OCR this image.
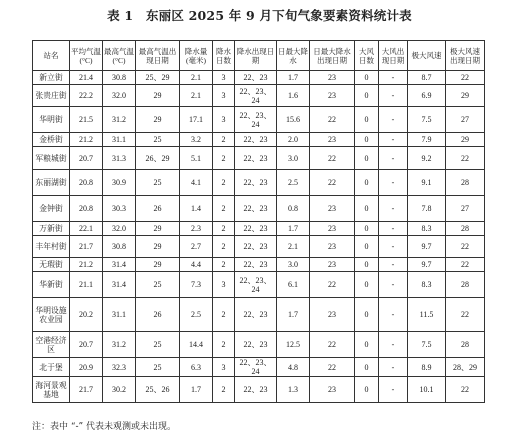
表 1　东丽区 2025 年 9 月下旬气象要素资料统计表
站名	平均气温(°C)	最高气温(°C)	最高气温出现日期	降水量(毫米)	降水日数	降水出现日期	日最大降水	日最大降水出现日期	大风日数	大风出现日期	极大风速	极大风速出现日期
新立街	21.4	30.8	25、29	2.1	3	22、23	1.7	23	0	-	8.7	22
张贵庄街	22.2	32.0	29	2.1	3	22、23、24	1.6	23	0	-	6.9	29
华明街	21.5	31.2	29	17.1	3	22、23、24	15.6	22	0	-	7.5	27
金桥街	21.2	31.1	25	3.2	2	22、23	2.0	23	0	-	7.9	29
军粮城街	20.7	31.3	26、29	5.1	2	22、23	3.0	22	0	-	9.2	22
东丽湖街	20.8	30.9	25	4.1	2	22、23	2.5	22	0	-	9.1	28
金钟街	20.8	30.3	26	1.4	2	22、23	0.8	23	0	-	7.8	27
万新街	22.1	32.0	29	2.3	2	22、23	1.7	23	0	-	8.3	28
丰年村街	21.7	30.8	29	2.7	2	22、23	2.1	23	0	-	9.7	22
无瑕街	21.2	31.4	29	4.4	2	22、23	3.0	23	0	-	9.7	22
华新街	21.1	31.4	25	7.3	3	22、23、24	6.1	22	0	-	8.3	28
华明设施农业园	20.2	31.1	26	2.5	2	22、23	1.7	23	0	-	11.5	22
空港经济区	20.7	31.2	25	14.4	2	22、23	12.5	22	0	-	7.5	28
北于堡	20.9	32.3	25	6.3	3	22、23、24	4.8	22	0	-	8.9	28、29
海河景观基地	21.7	30.2	25、26	1.7	2	22、23	1.3	23	0	-	10.1	22
注：表中 “-” 代表未观测或未出现。
